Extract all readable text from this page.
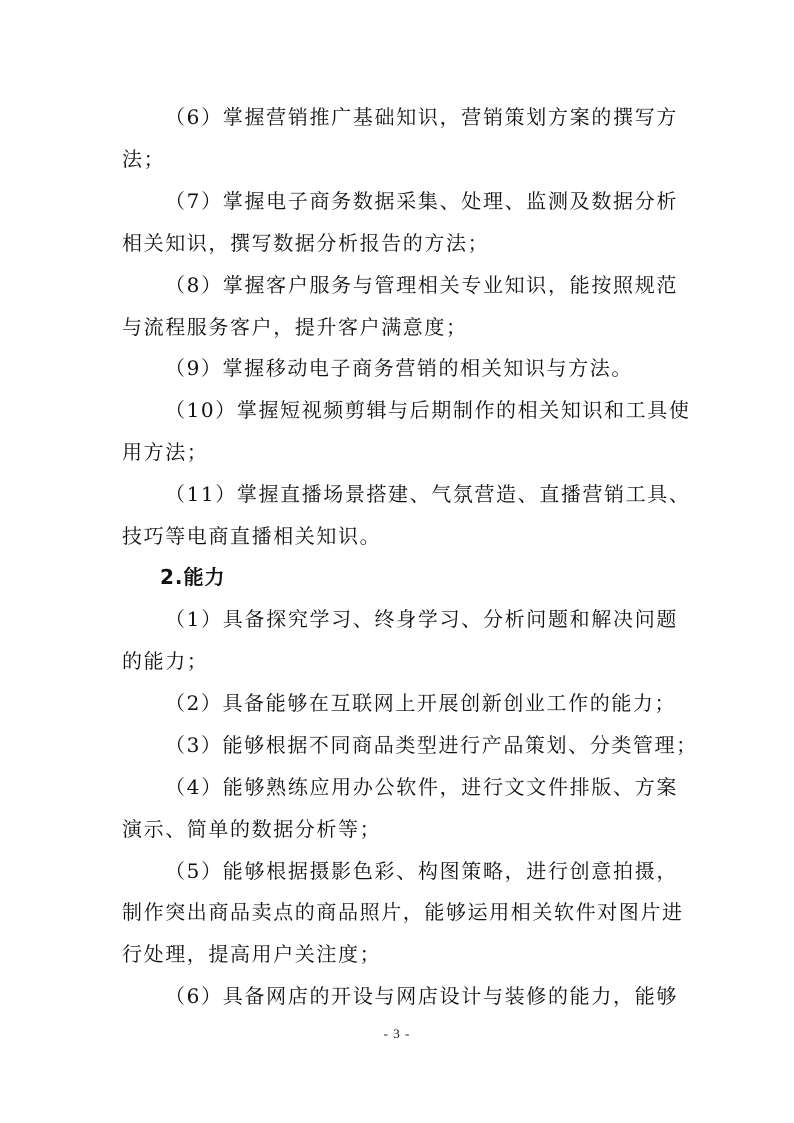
（6）掌握营销推广基础知识，营销策划方案的撰写方
法；
（7）掌握电子商务数据采集、处理、监测及数据分析
相关知识，撰写数据分析报告的方法；
（8）掌握客户服务与管理相关专业知识，能按照规范
与流程服务客户，提升客户满意度；
（9）掌握移动电子商务营销的相关知识与方法。
（10）掌握短视频剪辑与后期制作的相关知识和工具使
用方法；
（11）掌握直播场景搭建、气氛营造、直播营销工具、
技巧等电商直播相关知识。
2.能力
（1）具备探究学习、终身学习、分析问题和解决问题
的能力；
（2）具备能够在互联网上开展创新创业工作的能力；
（3）能够根据不同商品类型进行产品策划、分类管理；
（4）能够熟练应用办公软件，进行文文件排版、方案
演示、简单的数据分析等；
（5）能够根据摄影色彩、构图策略，进行创意拍摄，
制作突出商品卖点的商品照片，能够运用相关软件对图片进
行处理，提高用户关注度；
（6）具备网店的开设与网店设计与装修的能力，能够
- 3 -
